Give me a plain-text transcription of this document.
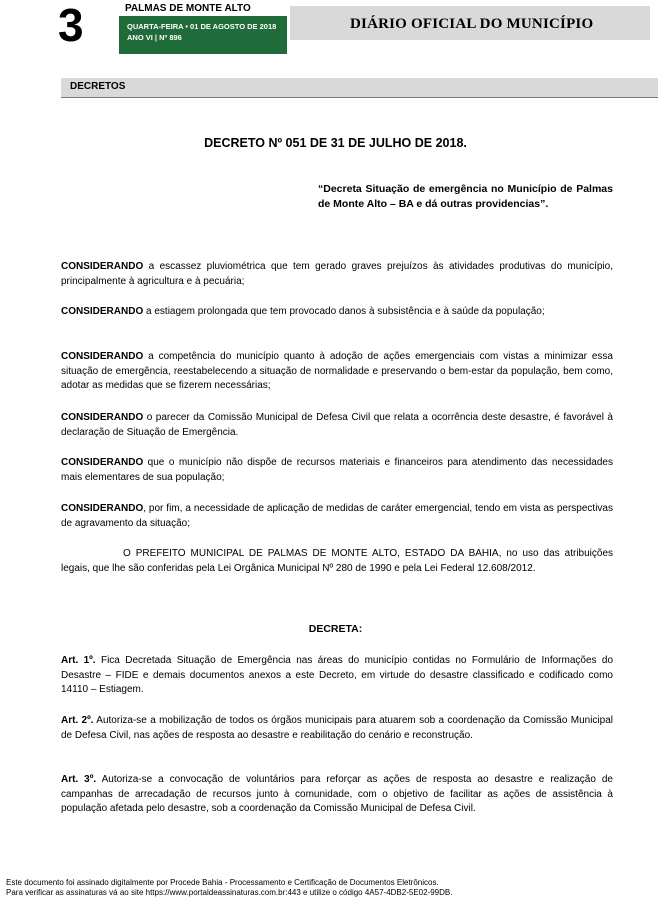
3	PALMAS DE MONTE ALTO
QUARTA-FEIRA • 01 DE AGOSTO DE 2018
ANO VI | Nº 896
DIÁRIO OFICIAL DO MUNICÍPIO
DECRETOS
DECRETO Nº 051 DE 31 DE JULHO DE 2018.
“Decreta Situação de emergência no Município de Palmas de Monte Alto – BA e dá outras providencias”.
CONSIDERANDO a escassez pluviométrica que tem gerado graves prejuízos às atividades produtivas do município, principalmente à agricultura e à pecuária;
CONSIDERANDO a estiagem prolongada que tem provocado danos à subsistência e à saúde da população;
CONSIDERANDO a competência do município quanto à adoção de ações emergenciais com vistas a minimizar essa situação de emergência, reestabelecendo a situação de normalidade e preservando o bem-estar da população, bem como, adotar as medidas que se fizerem necessárias;
CONSIDERANDO o parecer da Comissão Municipal de Defesa Civil que relata a ocorrência deste desastre, é favorável à declaração de Situação de Emergência.
CONSIDERANDO que o município não dispõe de recursos materiais e financeiros para atendimento das necessidades mais elementares de sua população;
CONSIDERANDO, por fim, a necessidade de aplicação de medidas de caráter emergencial, tendo em vista as perspectivas de agravamento da situação;
O PREFEITO MUNICIPAL DE PALMAS DE MONTE ALTO, ESTADO DA BAHIA, no uso das atribuições legais, que lhe são conferidas pela Lei Orgânica Municipal Nº 280 de 1990 e pela Lei Federal 12.608/2012.
DECRETA:
Art. 1º. Fica Decretada Situação de Emergência nas áreas do município contidas no Formulário de Informações do Desastre – FIDE e demais documentos anexos a este Decreto, em virtude do desastre classificado e codificado como 14110 – Estiagem.
Art. 2º. Autoriza-se a mobilização de todos os órgãos municipais para atuarem sob a coordenação da Comissão Municipal de Defesa Civil, nas ações de resposta ao desastre e reabilitação do cenário e reconstrução.
Art. 3º. Autoriza-se a convocação de voluntários para reforçar as ações de resposta ao desastre e realização de campanhas de arrecadação de recursos junto à comunidade, com o objetivo de facilitar as ações de assistência à população afetada pelo desastre, sob a coordenação da Comissão Municipal de Defesa Civil.
Este documento foi assinado digitalmente por Procede Bahia - Processamento e Certificação de Documentos Eletrônicos.
Para verificar as assinaturas vá ao site https://www.portaldeassinaturas.com.br:443 e utilize o código 4A57-4DB2-5E02-99DB.
